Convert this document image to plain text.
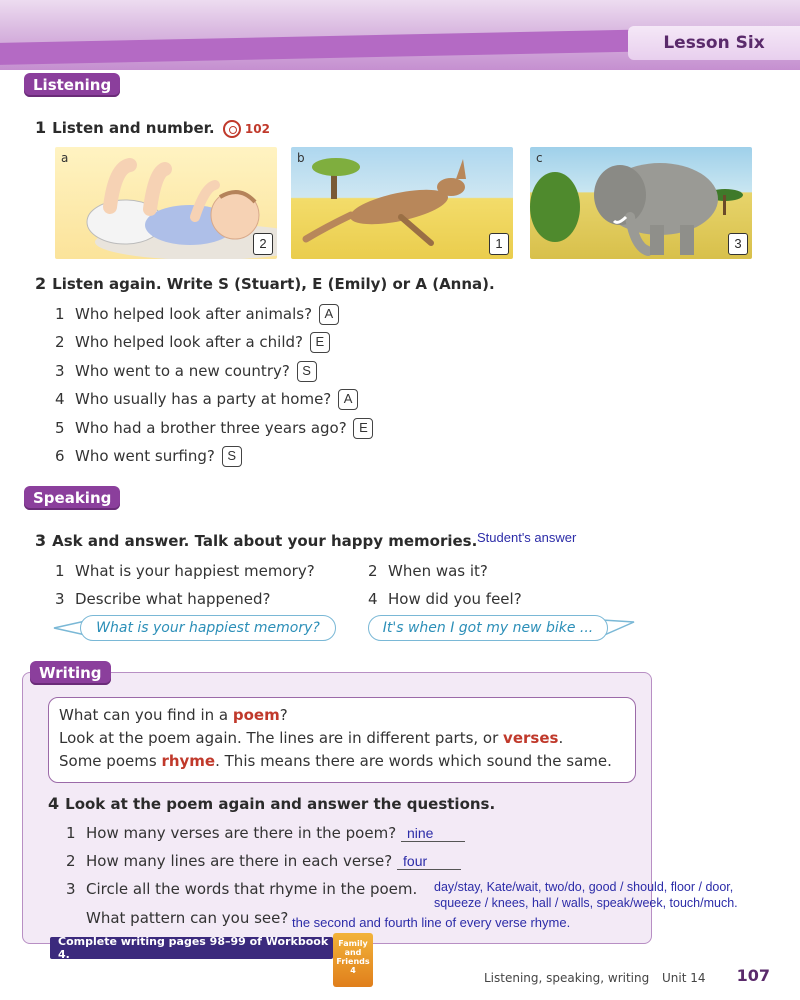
Lesson Six
Listening
1 Listen and number.	102
a
2
b
1
c
3
2 Listen again. Write S (Stuart), E (Emily) or A (Anna).
1 Who helped look after animals? A
2 Who helped look after a child? E
3 Who went to a new country? S
4 Who usually has a party at home? A
5 Who had a brother three years ago? E
6 Who went surfing? S
Speaking
3 Ask and answer. Talk about your happy memories. Student's answer
1 What is your happiest memory?	2 When was it?
3 Describe what happened?	4 How did you feel?
What is your happiest memory?	It's when I got my new bike ...
Writing

What can you find in a poem?

Look at the poem again. The lines are in different parts, or verses.

Some poems rhyme. This means there are words which sound the same.

4 Look at the poem again and answer the questions.
1 How many verses are there in the poem? nine
2 How many lines are there in each verse? four
3 Circle all the words that rhyme in the poem. day/stay, Kate/wait, two/do, good / should, floor / door,
squeeze / knees, hall / walls, speak/week, touch/much.
What pattern can you see? the second and fourth line of every verse rhyme.
Complete writing pages 98–99 of Workbook 4.
Family and Friends 4
Listening, speaking, writing Unit 14 107
